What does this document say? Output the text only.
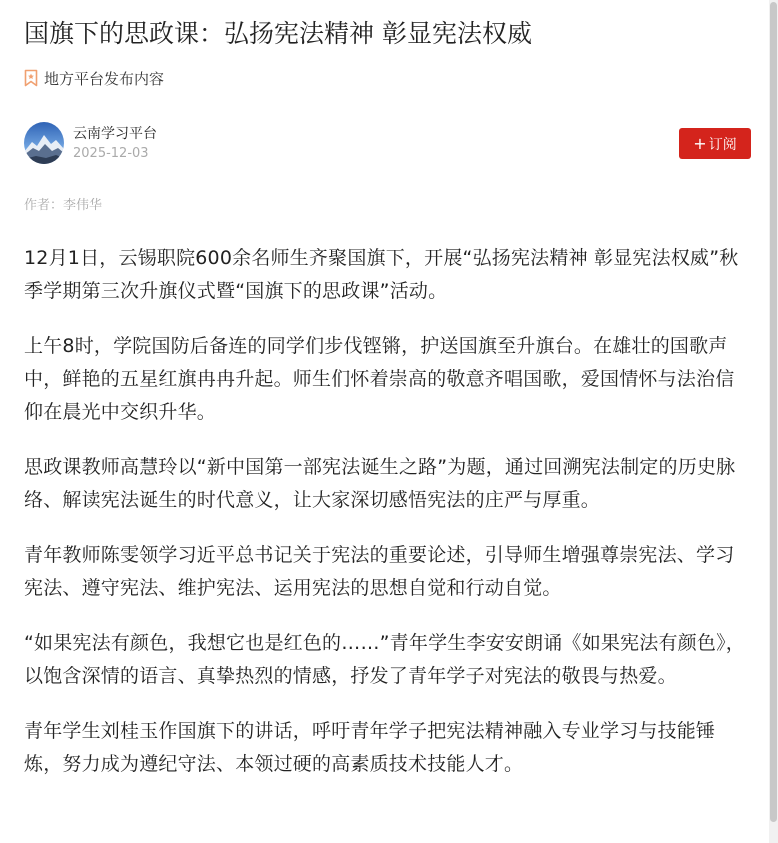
国旗下的思政课：弘扬宪法精神 彰显宪法权威
地方平台发布内容
云南学习平台
2025-12-03
+ 订阅
作者：李伟华

12月1日，云锡职院600余名师生齐聚国旗下，开展“弘扬宪法精神 彰显宪法权威”秋季学期第三次升旗仪式暨“国旗下的思政课”活动。

上午8时，学院国防后备连的同学们步伐铿锵，护送国旗至升旗台。在雄壮的国歌声中，鲜艳的五星红旗冉冉升起。师生们怀着崇高的敬意齐唱国歌，爱国情怀与法治信仰在晨光中交织升华。

思政课教师高慧玲以“新中国第一部宪法诞生之路”为题，通过回溯宪法制定的历史脉络、解读宪法诞生的时代意义，让大家深切感悟宪法的庄严与厚重。

青年教师陈雯领学习近平总书记关于宪法的重要论述，引导师生增强尊崇宪法、学习宪法、遵守宪法、维护宪法、运用宪法的思想自觉和行动自觉。

“如果宪法有颜色，我想它也是红色的……”青年学生李安安朗诵《如果宪法有颜色》，以饱含深情的语言、真挚热烈的情感，抒发了青年学子对宪法的敬畏与热爱。

青年学生刘桂玉作国旗下的讲话，呼吁青年学子把宪法精神融入专业学习与技能锤炼，努力成为遵纪守法、本领过硬的高素质技术技能人才。
